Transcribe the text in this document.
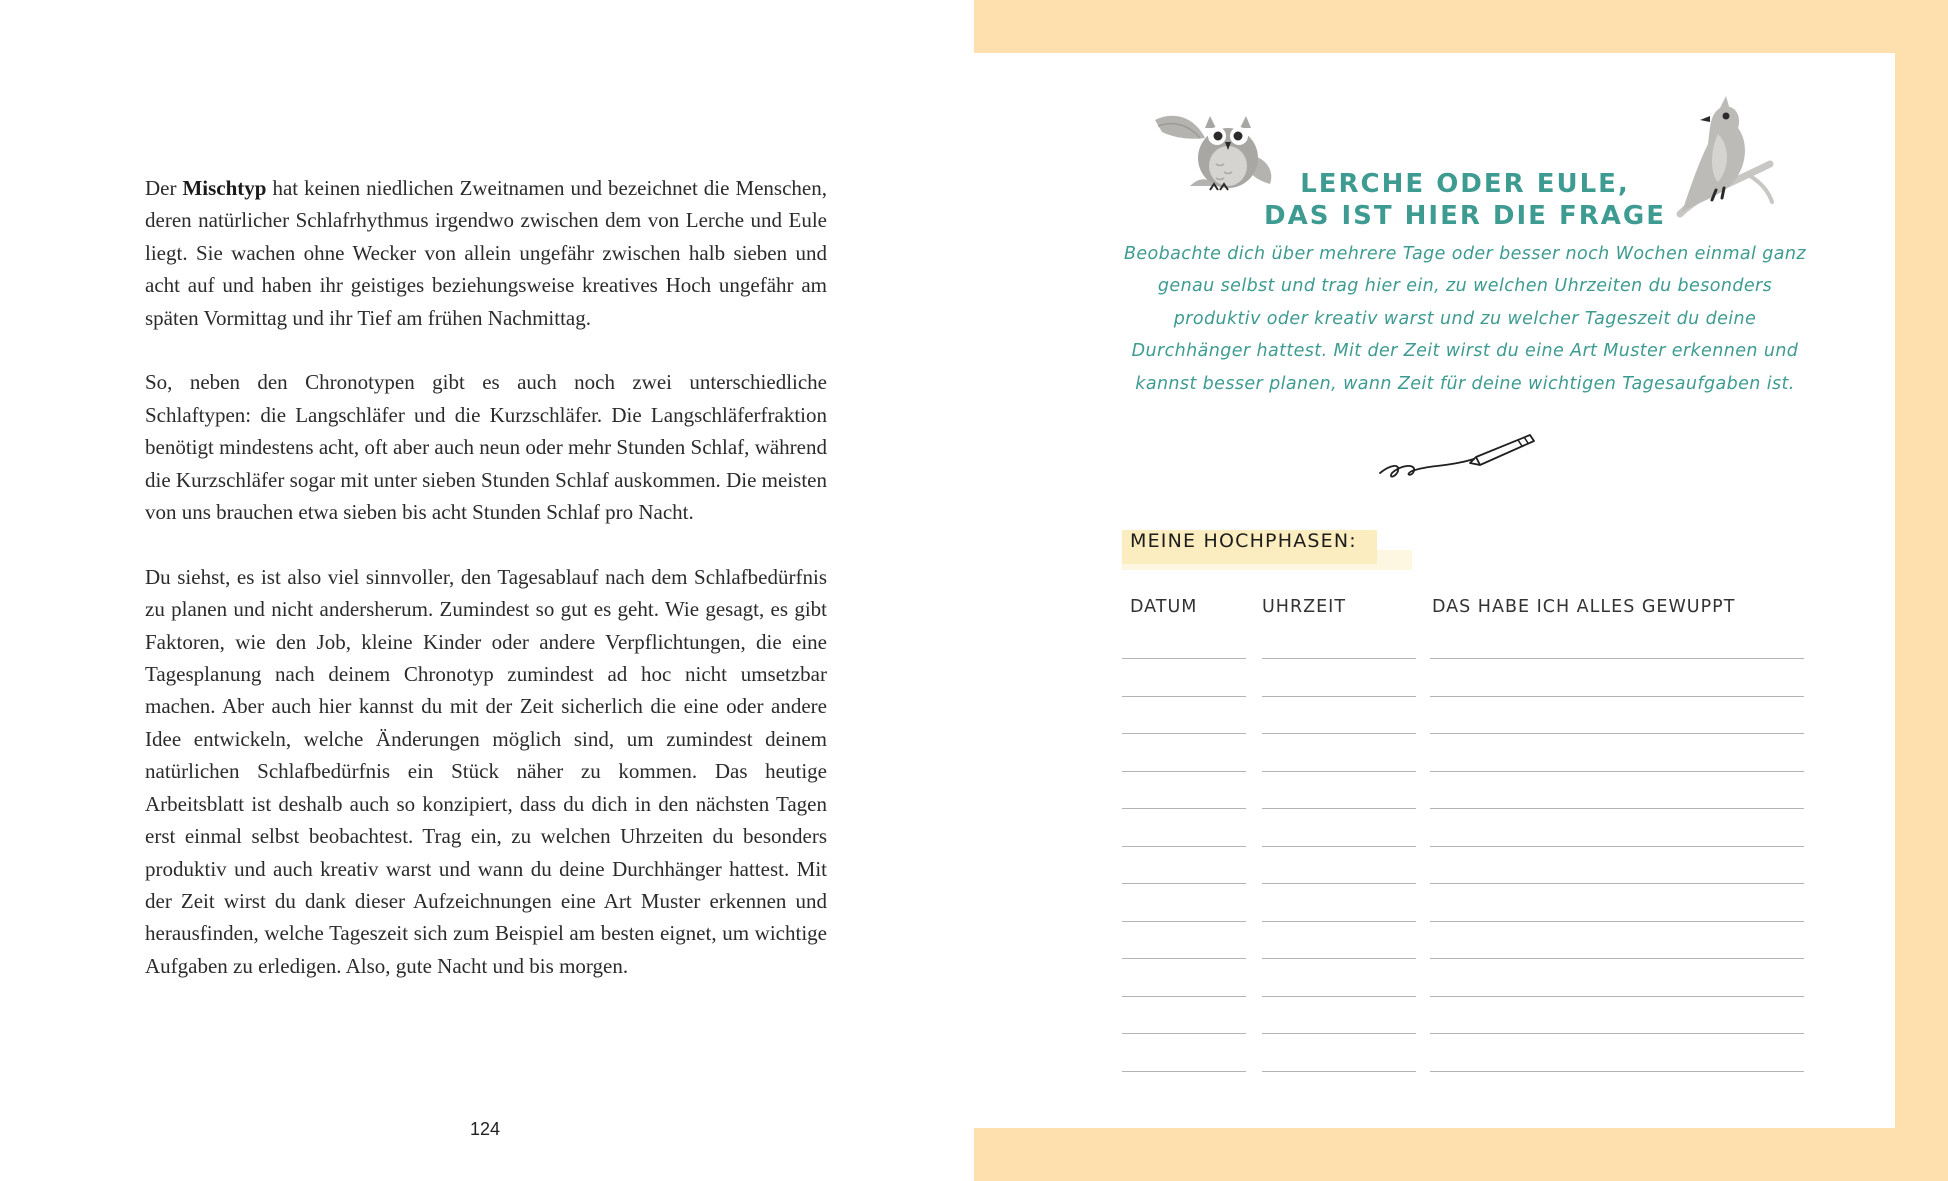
Der Mischtyp hat keinen niedlichen Zweitnamen und bezeichnet die Menschen, deren natürlicher Schlafrhythmus irgendwo zwischen dem von Lerche und Eule liegt. Sie wachen ohne Wecker von allein ungefähr zwischen halb sieben und acht auf und haben ihr geistiges beziehungsweise kreatives Hoch ungefähr am späten Vormittag und ihr Tief am frühen Nachmittag.

So, neben den Chronotypen gibt es auch noch zwei unterschiedliche Schlaftypen: die Langschläfer und die Kurzschläfer. Die Langschläferfraktion benötigt mindestens acht, oft aber auch neun oder mehr Stunden Schlaf, während die Kurzschläfer sogar mit unter sieben Stunden Schlaf auskommen. Die meisten von uns brauchen etwa sieben bis acht Stunden Schlaf pro Nacht.

Du siehst, es ist also viel sinnvoller, den Tagesablauf nach dem Schlafbedürfnis zu planen und nicht andersherum. Zumindest so gut es geht. Wie gesagt, es gibt Faktoren, wie den Job, kleine Kinder oder andere Verpflichtungen, die eine Tagesplanung nach deinem Chronotyp zumindest ad hoc nicht umsetzbar machen. Aber auch hier kannst du mit der Zeit sicherlich die eine oder andere Idee entwickeln, welche Änderungen möglich sind, um zumindest deinem natürlichen Schlafbedürfnis ein Stück näher zu kommen. Das heutige Arbeitsblatt ist deshalb auch so konzipiert, dass du dich in den nächsten Tagen erst einmal selbst beobachtest. Trag ein, zu welchen Uhrzeiten du besonders produktiv und auch kreativ warst und wann du deine Durchhänger hattest. Mit der Zeit wirst du dank dieser Aufzeichnungen eine Art Muster erkennen und herausfinden, welche Tageszeit sich zum Beispiel am besten eignet, um wichtige Aufgaben zu erledigen. Also, gute Nacht und bis morgen.

124
LERCHE ODER EULE,
DAS IST HIER DIE FRAGE
Beobachte dich über mehrere Tage oder besser noch Wochen einmal ganz genau selbst und trag hier ein, zu welchen Uhrzeiten du besonders produktiv oder kreativ warst und zu welcher Tageszeit du deine Durchhänger hattest. Mit der Zeit wirst du eine Art Muster erkennen und kannst besser planen, wann Zeit für deine wichtigen Tagesaufgaben ist.
MEINE HOCHPHASEN:
DATUM	UHRZEIT	DAS HABE ICH ALLES GEWUPPT
